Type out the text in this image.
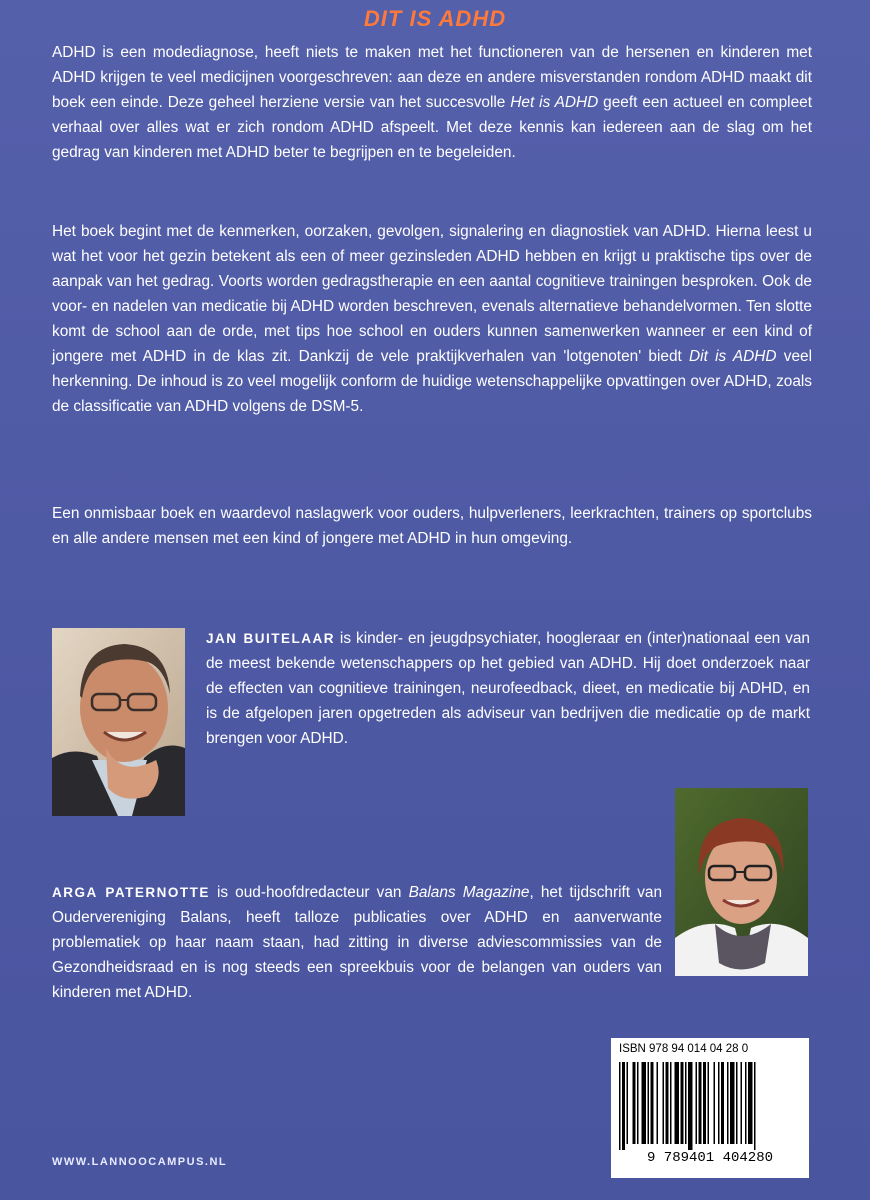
DIT IS ADHD

ADHD is een modediagnose, heeft niets te maken met het functioneren van de hersenen en kinderen met ADHD krijgen te veel medicijnen voorgeschreven: aan deze en andere misverstanden rondom ADHD maakt dit boek een einde. Deze geheel herziene versie van het succesvolle Het is ADHD geeft een actueel en compleet verhaal over alles wat er zich rondom ADHD afspeelt. Met deze kennis kan iedereen aan de slag om het gedrag van kinderen met ADHD beter te begrijpen en te begeleiden.

Het boek begint met de kenmerken, oorzaken, gevolgen, signalering en diagnostiek van ADHD. Hierna leest u wat het voor het gezin betekent als een of meer gezinsleden ADHD hebben en krijgt u praktische tips over de aanpak van het gedrag. Voorts worden gedragstherapie en een aantal cognitieve trainingen besproken. Ook de voor- en nadelen van medicatie bij ADHD worden beschreven, evenals alternatieve behandelvormen. Ten slotte komt de school aan de orde, met tips hoe school en ouders kunnen samenwerken wanneer er een kind of jongere met ADHD in de klas zit. Dankzij de vele praktijkverhalen van 'lotgenoten' biedt Dit is ADHD veel herkenning. De inhoud is zo veel mogelijk conform de huidige wetenschappelijke opvattingen over ADHD, zoals de classificatie van ADHD volgens de DSM-5.

Een onmisbaar boek en waardevol naslagwerk voor ouders, hulpverleners, leerkrachten, trainers op sportclubs en alle andere mensen met een kind of jongere met ADHD in hun omgeving.

JAN BUITELAAR is kinder- en jeugdpsychiater, hoogleraar en (inter)nationaal een van de meest bekende wetenschappers op het gebied van ADHD. Hij doet onderzoek naar de effecten van cognitieve trainingen, neurofeedback, dieet, en medicatie bij ADHD, en is de afgelopen jaren opgetreden als adviseur van bedrijven die medicatie op de markt brengen voor ADHD.
ARGA PATERNOTTE is oud-hoofdredacteur van Balans Magazine, het tijdschrift van Oudervereniging Balans, heeft talloze publicaties over ADHD en aanverwante problematiek op haar naam staan, had zitting in diverse adviescommissies van de Gezondheidsraad en is nog steeds een spreekbuis voor de belangen van ouders van kinderen met ADHD.
WWW.LANNOOCAMPUS.NL
ISBN 978 94 014 04 28 0
9 789401 404280
